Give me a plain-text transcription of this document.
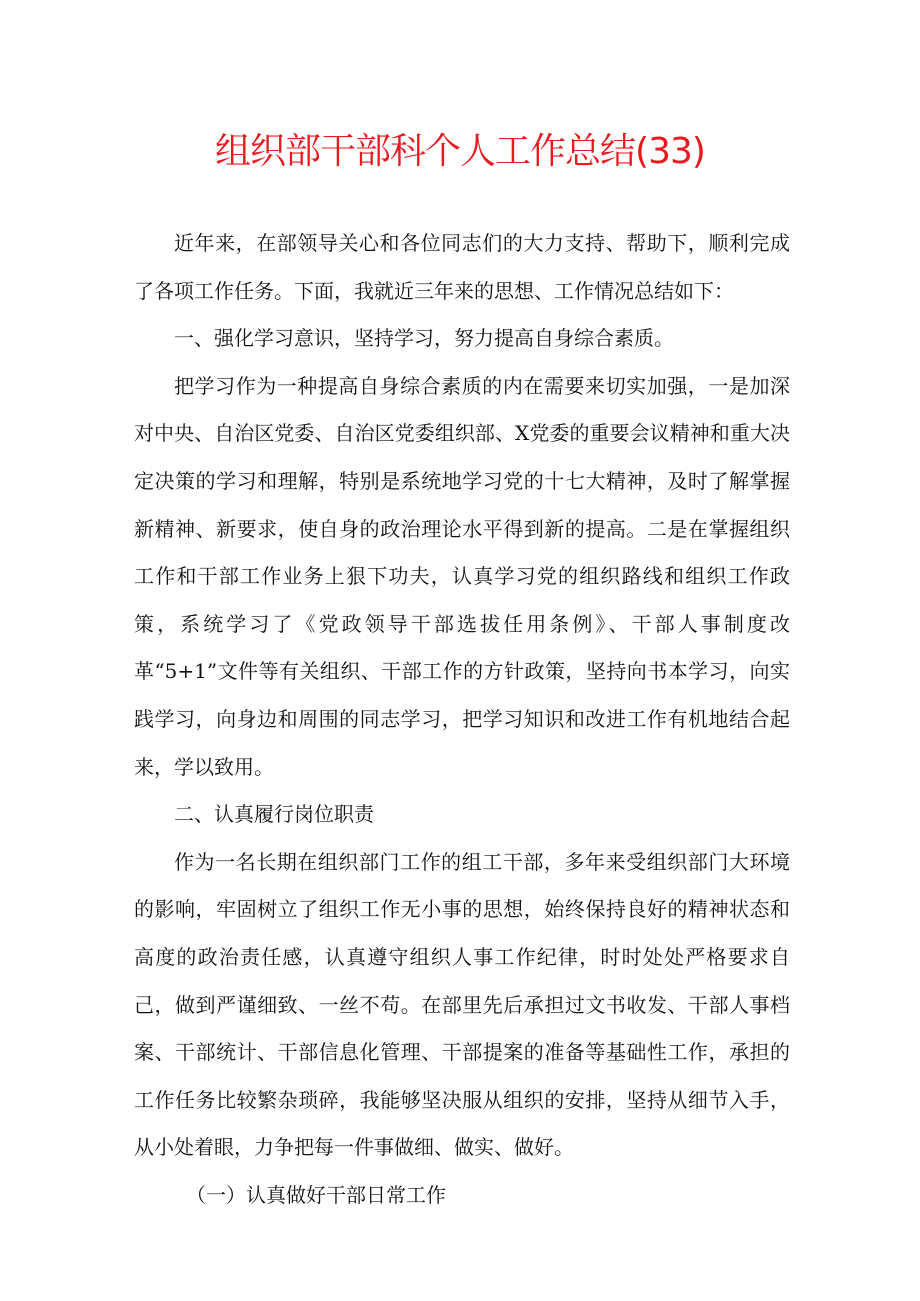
组织部干部科个人工作总结(33)

近年来，在部领导关心和各位同志们的大力支持、帮助下，顺利完成了各项工作任务。下面，我就近三年来的思想、工作情况总结如下：

一、强化学习意识，坚持学习，努力提高自身综合素质。

把学习作为一种提高自身综合素质的内在需要来切实加强，一是加深对中央、自治区党委、自治区党委组织部、X党委的重要会议精神和重大决定决策的学习和理解，特别是系统地学习党的十七大精神，及时了解掌握新精神、新要求，使自身的政治理论水平得到新的提高。二是在掌握组织工作和干部工作业务上狠下功夫，认真学习党的组织路线和组织工作政策，系统学习了《党政领导干部选拔任用条例》、干部人事制度改革“5+1”文件等有关组织、干部工作的方针政策，坚持向书本学习，向实践学习，向身边和周围的同志学习，把学习知识和改进工作有机地结合起来，学以致用。

二、认真履行岗位职责

作为一名长期在组织部门工作的组工干部，多年来受组织部门大环境的影响，牢固树立了组织工作无小事的思想，始终保持良好的精神状态和高度的政治责任感，认真遵守组织人事工作纪律，时时处处严格要求自己，做到严谨细致、一丝不苟。在部里先后承担过文书收发、干部人事档案、干部统计、干部信息化管理、干部提案的准备等基础性工作，承担的工作任务比较繁杂琐碎，我能够坚决服从组织的安排，坚持从细节入手，从小处着眼，力争把每一件事做细、做实、做好。

（一）认真做好干部日常工作
